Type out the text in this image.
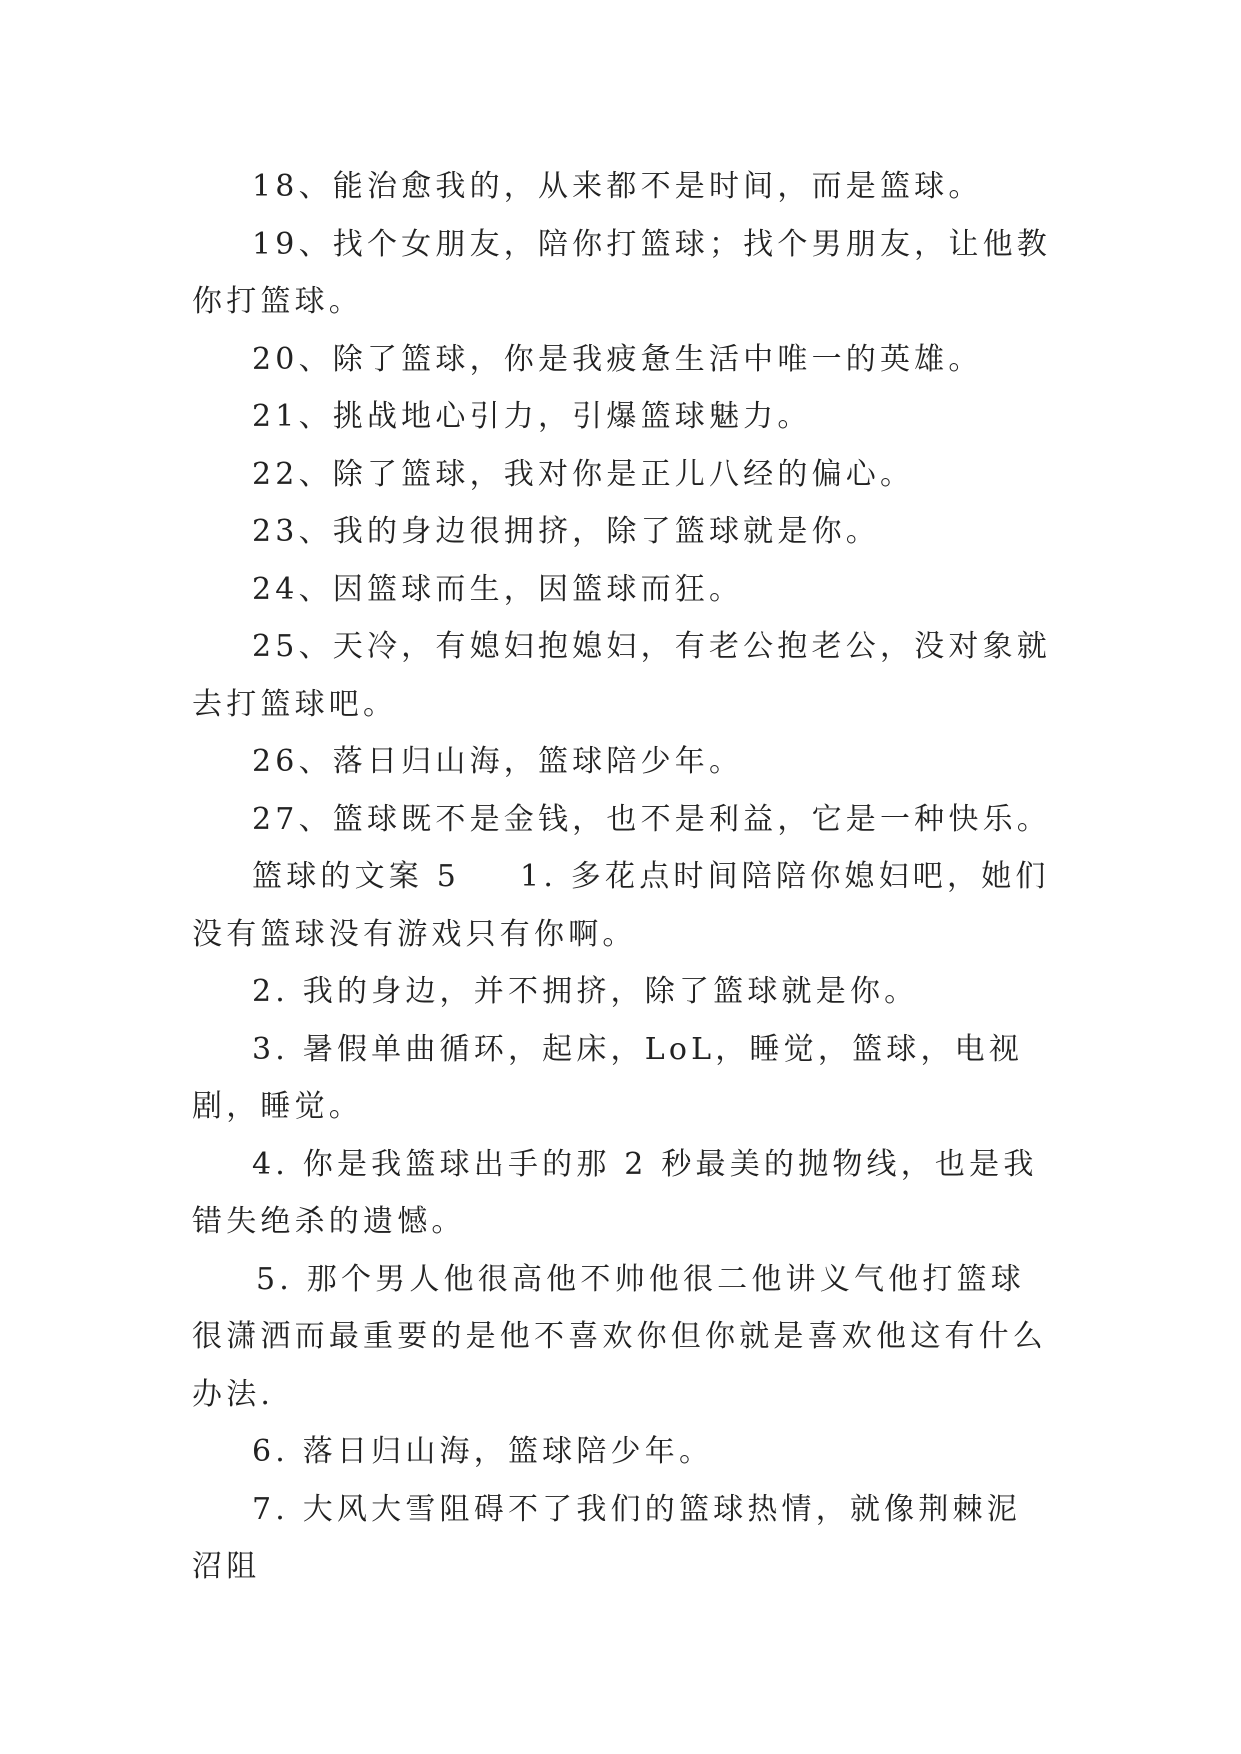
18、能治愈我的，从来都不是时间，而是篮球。

19、找个女朋友，陪你打篮球；找个男朋友，让他教你打篮球。

20、除了篮球，你是我疲惫生活中唯一的英雄。

21、挑战地心引力，引爆篮球魅力。

22、除了篮球，我对你是正儿八经的偏心。

23、我的身边很拥挤，除了篮球就是你。

24、因篮球而生，因篮球而狂。

25、天冷，有媳妇抱媳妇，有老公抱老公，没对象就去打篮球吧。

26、落日归山海，篮球陪少年。

27、篮球既不是金钱，也不是利益，它是一种快乐。

篮球的文案 5 1. 多花点时间陪陪你媳妇吧，她们没有篮球没有游戏只有你啊。

2. 我的身边，并不拥挤，除了篮球就是你。

3. 暑假单曲循环，起床，LoL，睡觉，篮球，电视剧，睡觉。

4. 你是我篮球出手的那 2 秒最美的抛物线，也是我错失绝杀的遗憾。

5. 那个男人他很高他不帅他很二他讲义气他打篮球很潇洒而最重要的是他不喜欢你但你就是喜欢他这有什么办法.

6. 落日归山海，篮球陪少年。

7. 大风大雪阻碍不了我们的篮球热情，就像荆棘泥沼阻
